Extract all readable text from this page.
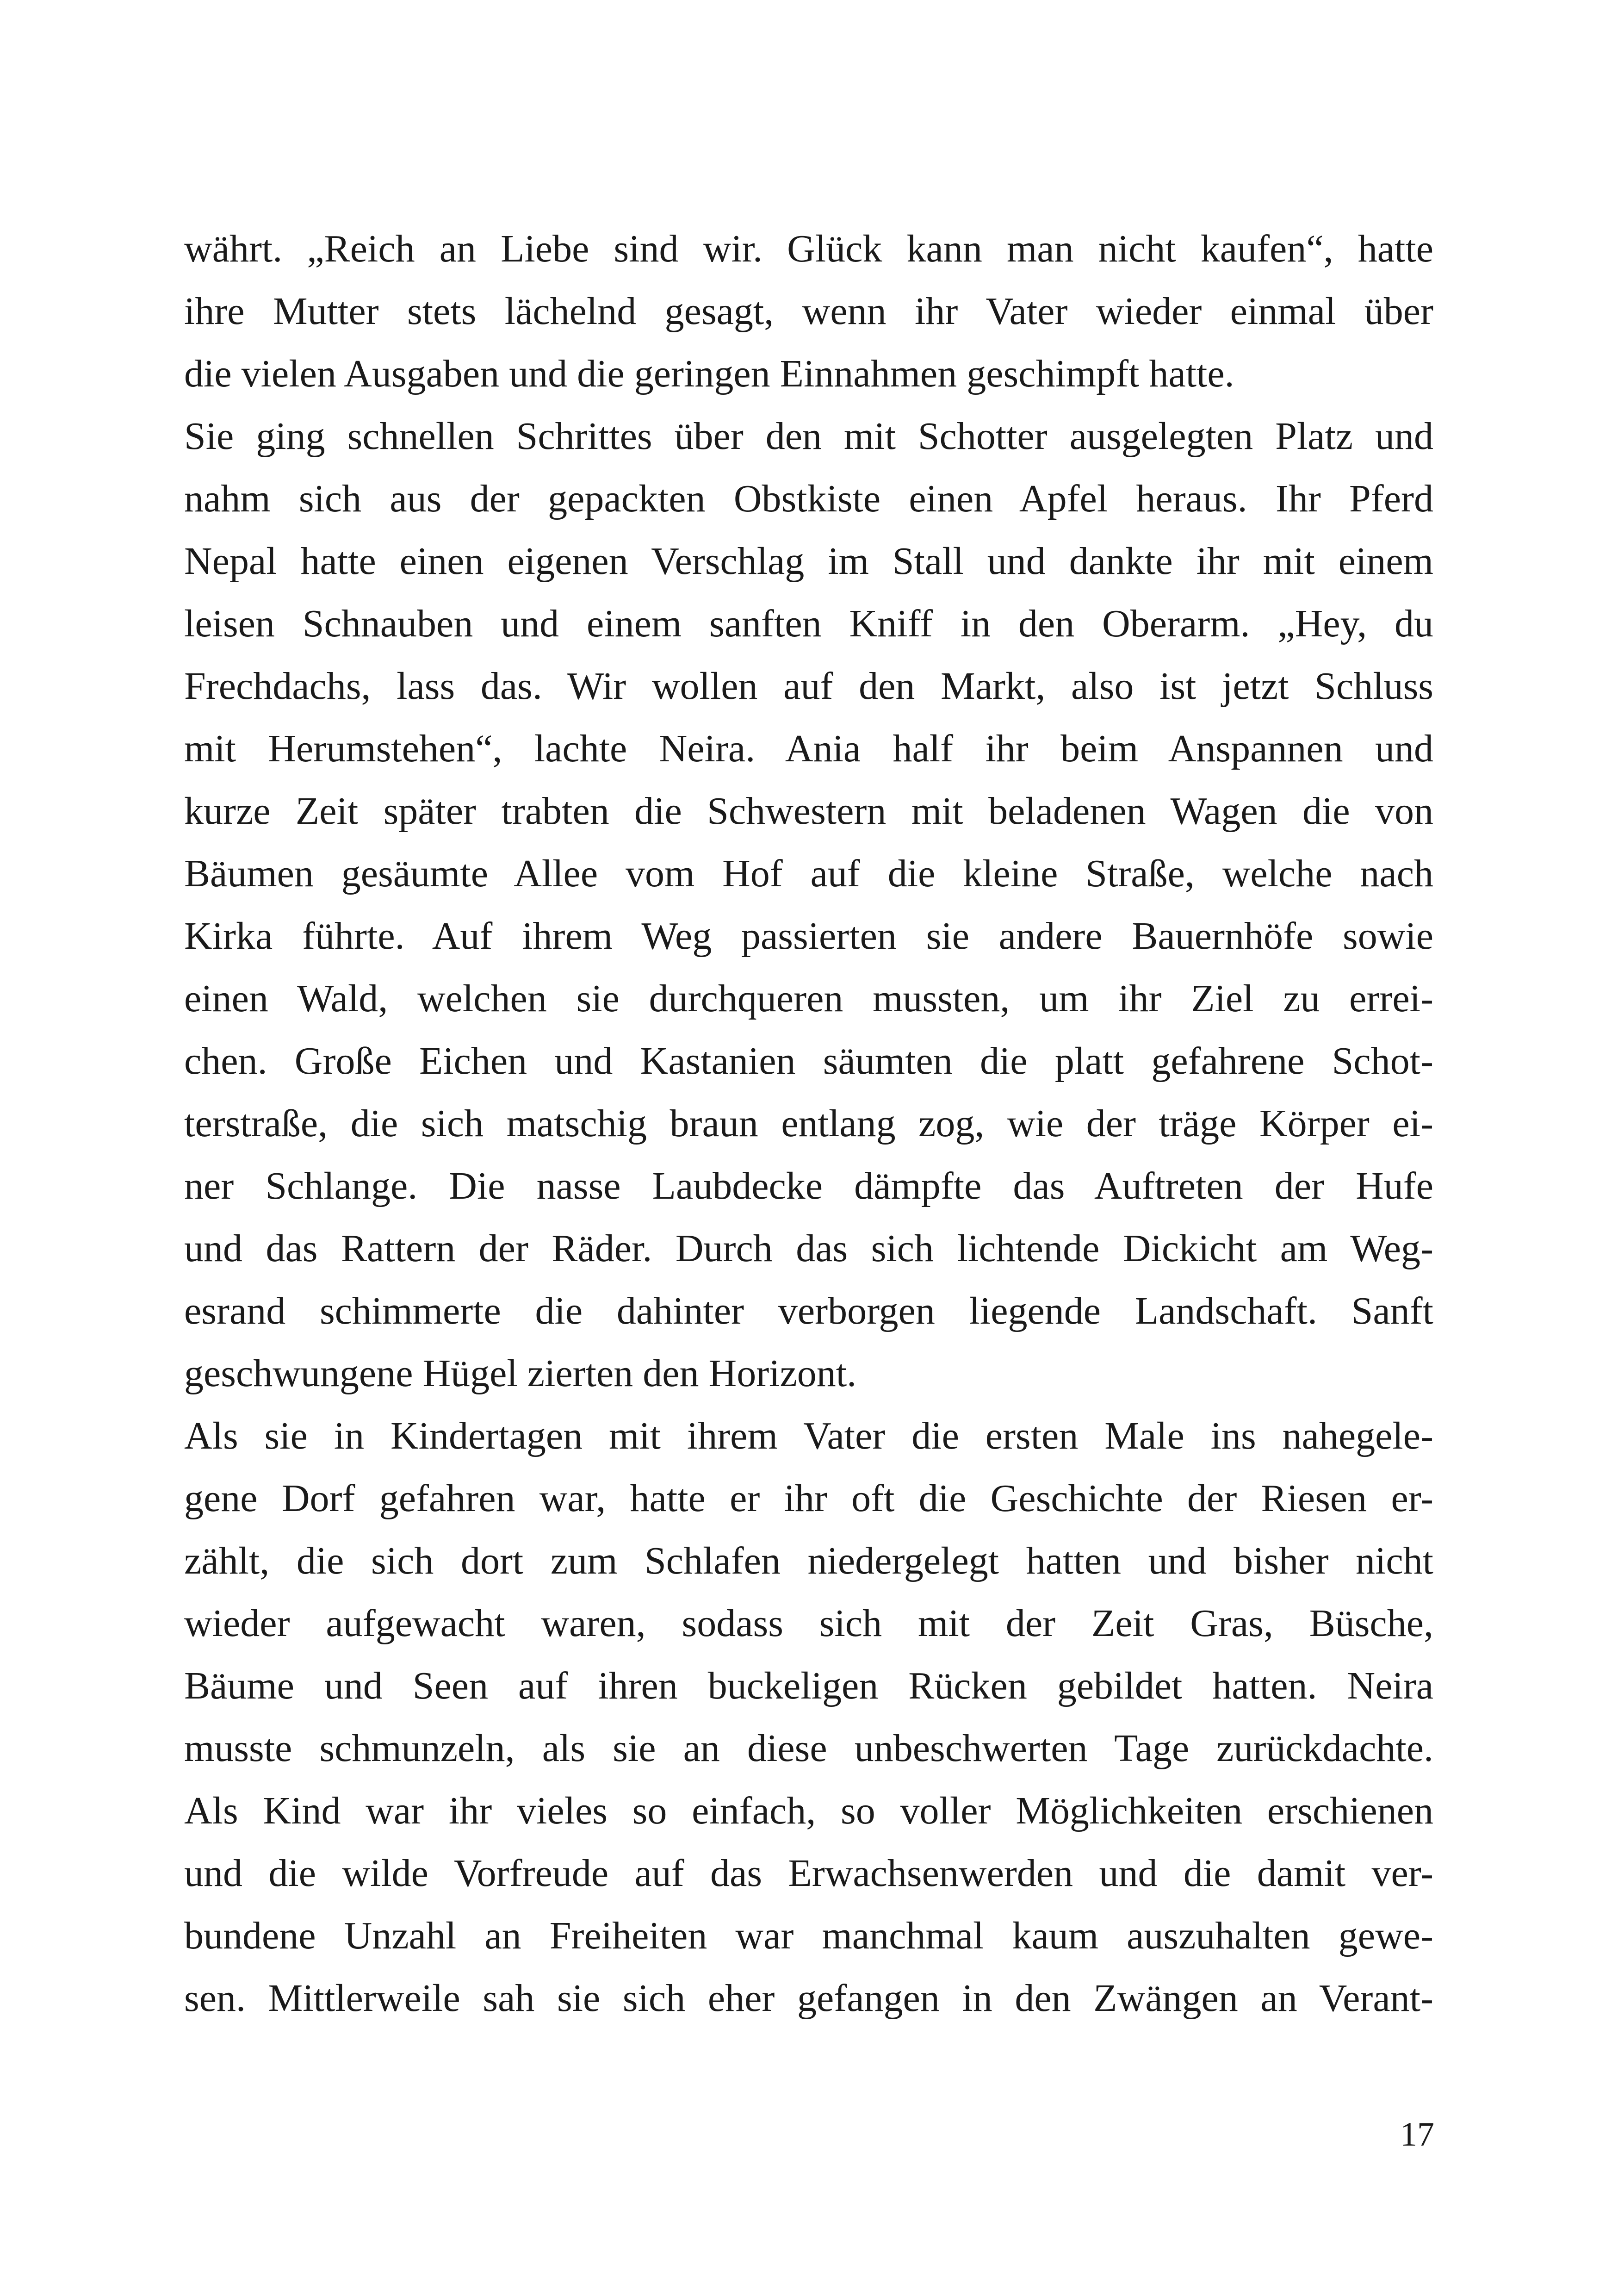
währt. „Reich an Liebe sind wir. Glück kann man nicht kaufen“, hatte
ihre Mutter stets lächelnd gesagt, wenn ihr Vater wieder einmal über
die vielen Ausgaben und die geringen Einnahmen geschimpft hatte.
Sie ging schnellen Schrittes über den mit Schotter ausgelegten Platz und
nahm sich aus der gepackten Obstkiste einen Apfel heraus. Ihr Pferd
Nepal hatte einen eigenen Verschlag im Stall und dankte ihr mit einem
leisen Schnauben und einem sanften Kniff in den Oberarm. „Hey, du
Frechdachs, lass das. Wir wollen auf den Markt, also ist jetzt Schluss
mit Herumstehen“, lachte Neira. Ania half ihr beim Anspannen und
kurze Zeit später trabten die Schwestern mit beladenen Wagen die von
Bäumen gesäumte Allee vom Hof auf die kleine Straße, welche nach
Kirka führte. Auf ihrem Weg passierten sie andere Bauernhöfe sowie
einen Wald, welchen sie durchqueren mussten, um ihr Ziel zu errei-
chen. Große Eichen und Kastanien säumten die platt gefahrene Schot-
terstraße, die sich matschig braun entlang zog, wie der träge Körper ei-
ner Schlange. Die nasse Laubdecke dämpfte das Auftreten der Hufe
und das Rattern der Räder. Durch das sich lichtende Dickicht am Weg-
esrand schimmerte die dahinter verborgen liegende Landschaft. Sanft
geschwungene Hügel zierten den Horizont.
Als sie in Kindertagen mit ihrem Vater die ersten Male ins nahegele-
gene Dorf gefahren war, hatte er ihr oft die Geschichte der Riesen er-
zählt, die sich dort zum Schlafen niedergelegt hatten und bisher nicht
wieder aufgewacht waren, sodass sich mit der Zeit Gras, Büsche,
Bäume und Seen auf ihren buckeligen Rücken gebildet hatten. Neira
musste schmunzeln, als sie an diese unbeschwerten Tage zurückdachte.
Als Kind war ihr vieles so einfach, so voller Möglichkeiten erschienen
und die wilde Vorfreude auf das Erwachsenwerden und die damit ver-
bundene Unzahl an Freiheiten war manchmal kaum auszuhalten gewe-
sen. Mittlerweile sah sie sich eher gefangen in den Zwängen an Verant-
17
